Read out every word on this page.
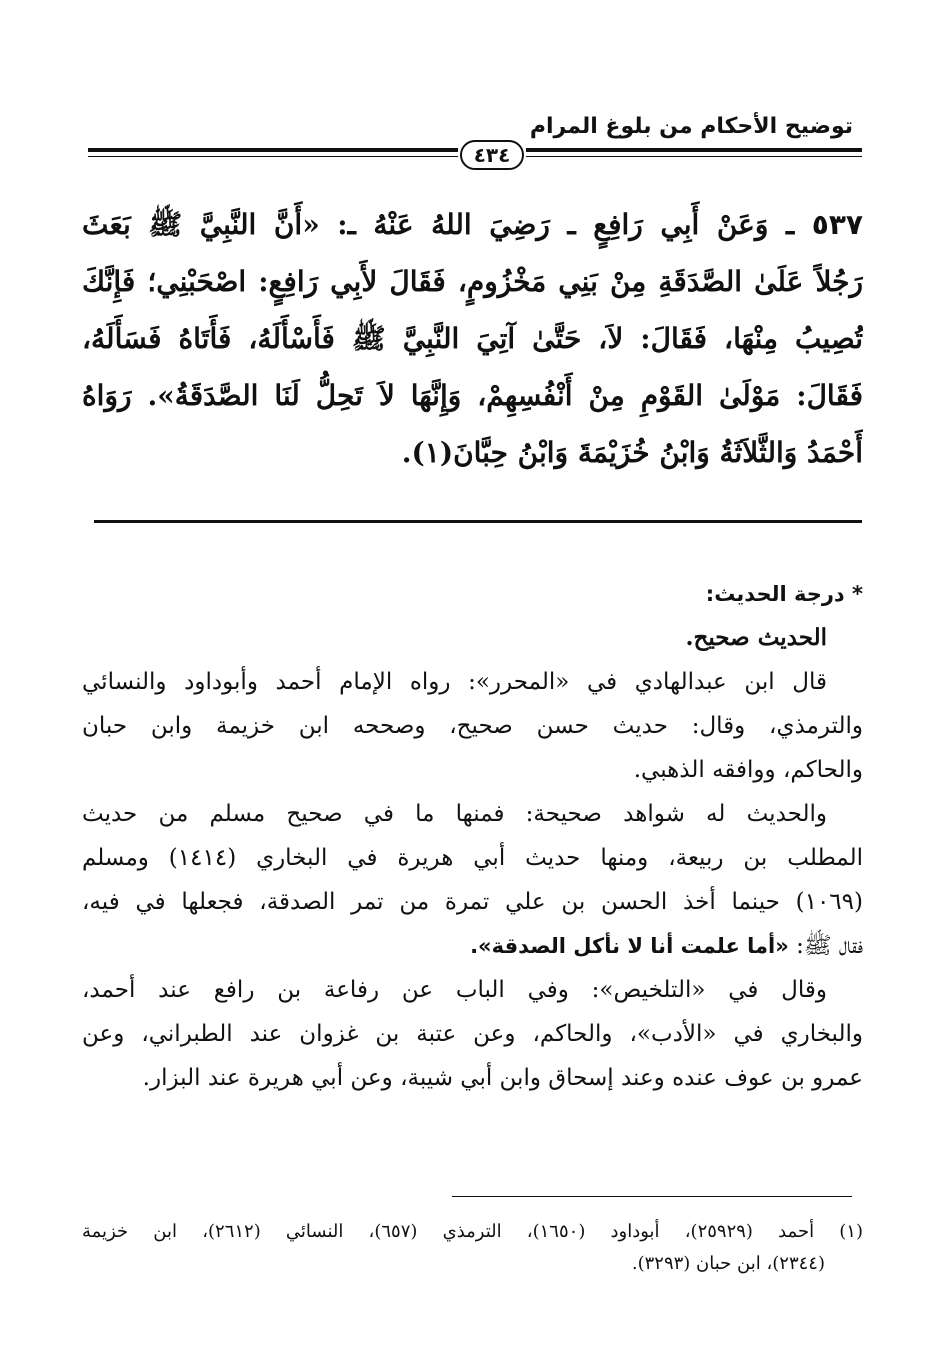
توضيح الأحكام من بلوغ المرام
٤٣٤
٥٣٧ ـ وَعَنْ أَبِي رَافِعٍ ـ رَضِيَ اللهُ عَنْهُ ـ: «أَنَّ النَّبِيَّ ﷺ بَعَثَ
رَجُلاً عَلَىٰ الصَّدَقَةِ مِنْ بَنِي مَخْزُومٍ، فَقَالَ لأَبِي رَافِعٍ: اصْحَبْنِي؛ فَإِنَّكَ
تُصِيبُ مِنْهَا، فَقَالَ: لاَ، حَتَّىٰ آتِيَ النَّبِيَّ ﷺ فَأَسْأَلَهُ، فَأَتَاهُ فَسَأَلَهُ،
فَقَالَ: مَوْلَىٰ القَوْمِ مِنْ أَنْفُسِهِمْ، وَإِنَّهَا لاَ تَحِلُّ لَنَا الصَّدَقَةُ». رَوَاهُ
أَحْمَدُ وَالثَّلاَثَةُ وَابْنُ خُزَيْمَةَ وَابْنُ حِبَّانَ(١).
* درجة الحديث:
الحديث صحيح.
قال ابن عبدالهادي في «المحرر»: رواه الإمام أحمد وأبوداود والنسائي
والترمذي، وقال: حديث حسن صحيح، وصححه ابن خزيمة وابن حبان
والحاكم، ووافقه الذهبي.
والحديث له شواهد صحيحة: فمنها ما في صحيح مسلم من حديث
المطلب بن ربيعة، ومنها حديث أبي هريرة في البخاري (١٤١٤) ومسلم
(١٠٦٩) حينما أخذ الحسن بن علي تمرة من تمر الصدقة، فجعلها في فيه،
فقال ﷺ: «أما علمت أنا لا نأكل الصدقة».
وقال في «التلخيص»: وفي الباب عن رفاعة بن رافع عند أحمد،
والبخاري في «الأدب»، والحاكم، وعن عتبة بن غزوان عند الطبراني، وعن
عمرو بن عوف عنده وعند إسحاق وابن أبي شيبة، وعن أبي هريرة عند البزار.
(١) أحمد (٢٥٩٢٩)، أبوداود (١٦٥٠)، الترمذي (٦٥٧)، النسائي (٢٦١٢)، ابن خزيمة
(٢٣٤٤)، ابن حبان (٣٢٩٣).
